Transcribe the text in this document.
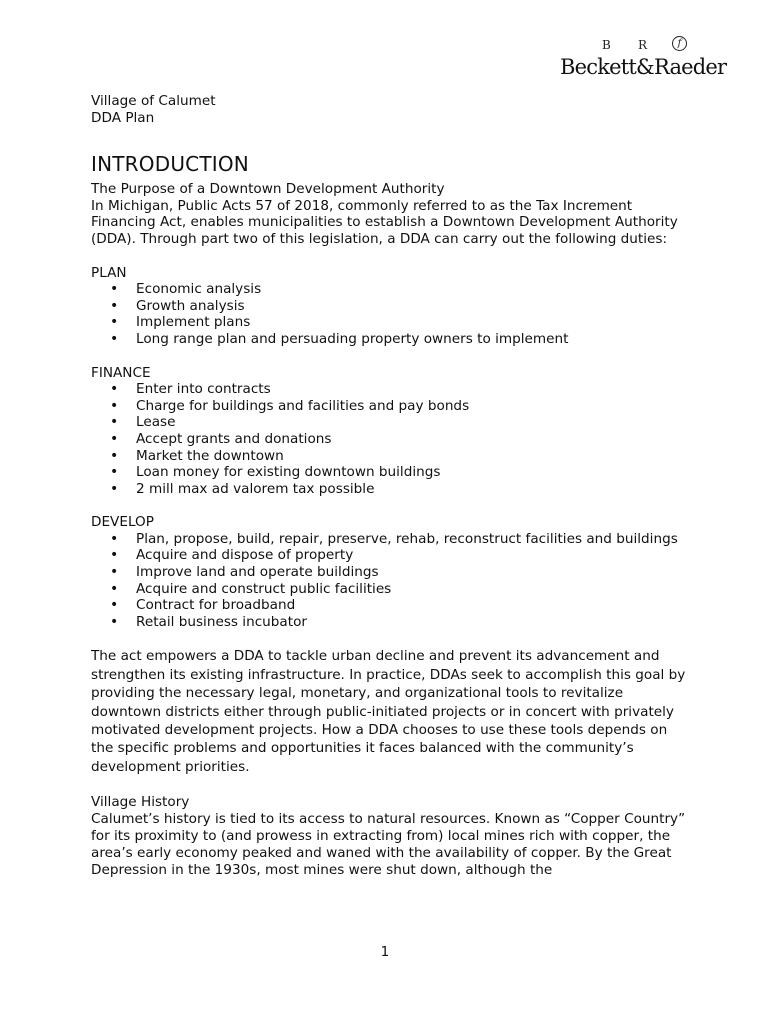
B R	f
Beckett&Raeder
Village of Calumet
DDA Plan
INTRODUCTION

The Purpose of a Downtown Development Authority

In Michigan, Public Acts 57 of 2018, commonly referred to as the Tax Increment Financing Act, enables municipalities to establish a Downtown Development Authority (DDA). Through part two of this legislation, a DDA can carry out the following duties:

PLAN
• Economic analysis
• Growth analysis
• Implement plans
• Long range plan and persuading property owners to implement
FINANCE
• Enter into contracts
• Charge for buildings and facilities and pay bonds
• Lease
• Accept grants and donations
• Market the downtown
• Loan money for existing downtown buildings
• 2 mill max ad valorem tax possible
DEVELOP
• Plan, propose, build, repair, preserve, rehab, reconstruct facilities and buildings
• Acquire and dispose of property
• Improve land and operate buildings
• Acquire and construct public facilities
• Contract for broadband
• Retail business incubator

The act empowers a DDA to tackle urban decline and prevent its advancement and strengthen its existing infrastructure. In practice, DDAs seek to accomplish this goal by providing the necessary legal, monetary, and organizational tools to revitalize downtown districts either through public-initiated projects or in concert with privately motivated development projects. How a DDA chooses to use these tools depends on the specific problems and opportunities it faces balanced with the community’s development priorities.

Village History

Calumet’s history is tied to its access to natural resources. Known as “Copper Country” for its proximity to (and prowess in extracting from) local mines rich with copper, the area’s early economy peaked and waned with the availability of copper. By the Great Depression in the 1930s, most mines were shut down, although the

1
